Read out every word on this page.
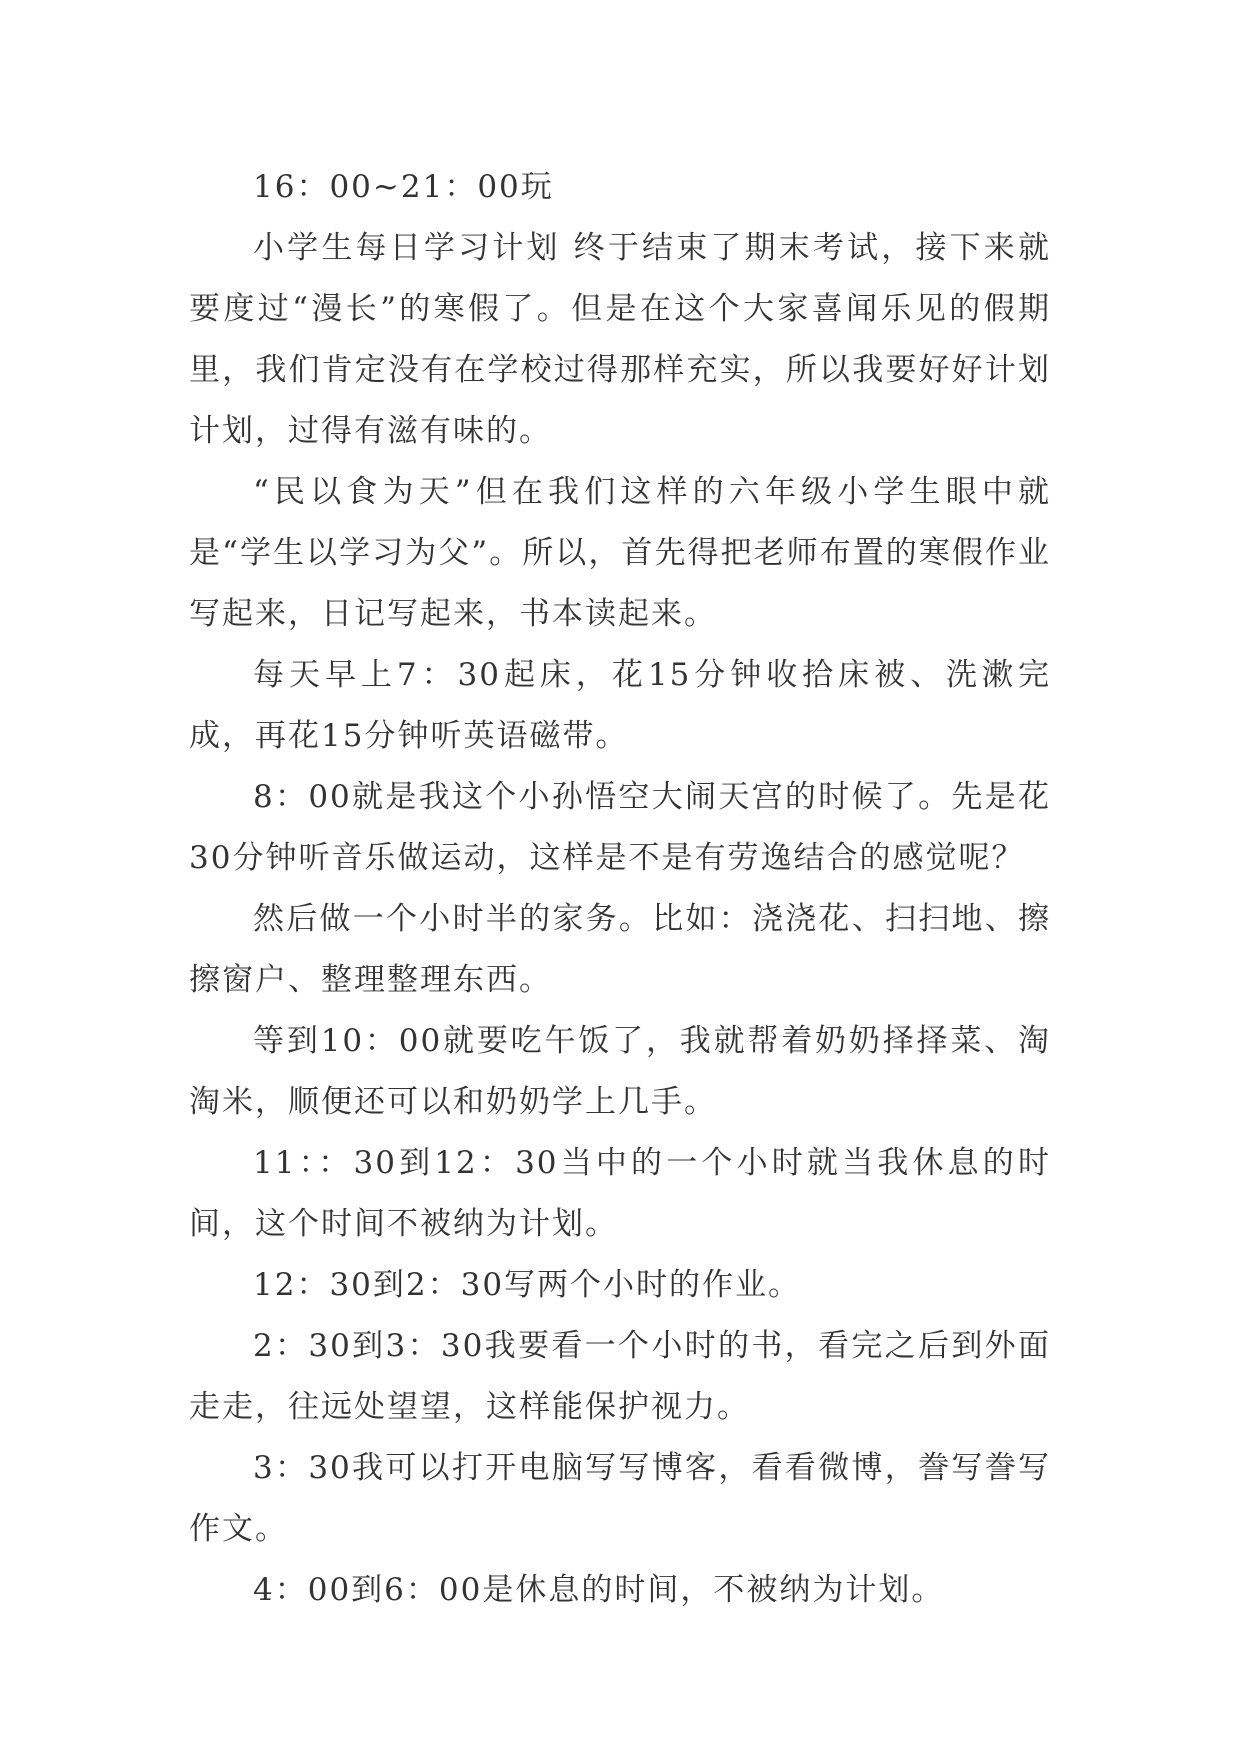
16：00~21：00玩

小学生每日学习计划 终于结束了期末考试，接下来就要度过“漫长”的寒假了。但是在这个大家喜闻乐见的假期里，我们肯定没有在学校过得那样充实，所以我要好好计划计划，过得有滋有味的。

“民以食为天”但在我们这样的六年级小学生眼中就是“学生以学习为父”。所以，首先得把老师布置的寒假作业写起来，日记写起来，书本读起来。

每天早上7：30起床，花15分钟收拾床被、洗漱完成，再花15分钟听英语磁带。

8：00就是我这个小孙悟空大闹天宫的时候了。先是花30分钟听音乐做运动，这样是不是有劳逸结合的感觉呢？

然后做一个小时半的家务。比如：浇浇花、扫扫地、擦擦窗户、整理整理东西。

等到10：00就要吃午饭了，我就帮着奶奶择择菜、淘淘米，顺便还可以和奶奶学上几手。

11：：30到12：30当中的一个小时就当我休息的时间，这个时间不被纳为计划。

12：30到2：30写两个小时的作业。

2：30到3：30我要看一个小时的书，看完之后到外面走走，往远处望望，这样能保护视力。

3：30我可以打开电脑写写博客，看看微博，誊写誊写作文。

4：00到6：00是休息的时间，不被纳为计划。
